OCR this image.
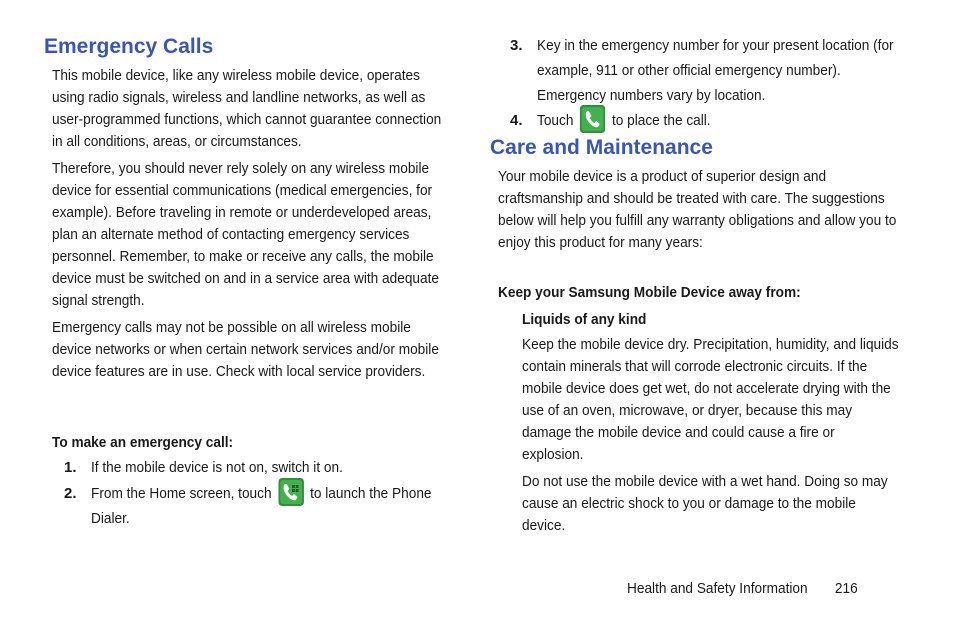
Emergency Calls

This mobile device, like any wireless mobile device, operates using radio signals, wireless and landline networks, as well as user-programmed functions, which cannot guarantee connection in all conditions, areas, or circumstances.

Therefore, you should never rely solely on any wireless mobile device for essential communications (medical emergencies, for example). Before traveling in remote or underdeveloped areas, plan an alternate method of contacting emergency services personnel. Remember, to make or receive any calls, the mobile device must be switched on and in a service area with adequate signal strength.

Emergency calls may not be possible on all wireless mobile device networks or when certain network services and/or mobile device features are in use. Check with local service providers.

To make an emergency call:
1. If the mobile device is not on, switch it on.
2. From the Home screen, touch	to launch the Phone
Dialer.
3. Key in the emergency number for your present location (for example, 911 or other official emergency number). Emergency numbers vary by location.
4. Touch	to place the call.
Care and Maintenance

Your mobile device is a product of superior design and craftsmanship and should be treated with care. The suggestions below will help you fulfill any warranty obligations and allow you to enjoy this product for many years:

Keep your Samsung Mobile Device away from:
Liquids of any kind

Keep the mobile device dry. Precipitation, humidity, and liquids contain minerals that will corrode electronic circuits. If the mobile device does get wet, do not accelerate drying with the use of an oven, microwave, or dryer, because this may damage the mobile device and could cause a fire or explosion.

Do not use the mobile device with a wet hand. Doing so may cause an electric shock to you or damage to the mobile device.

Health and Safety Information 216
